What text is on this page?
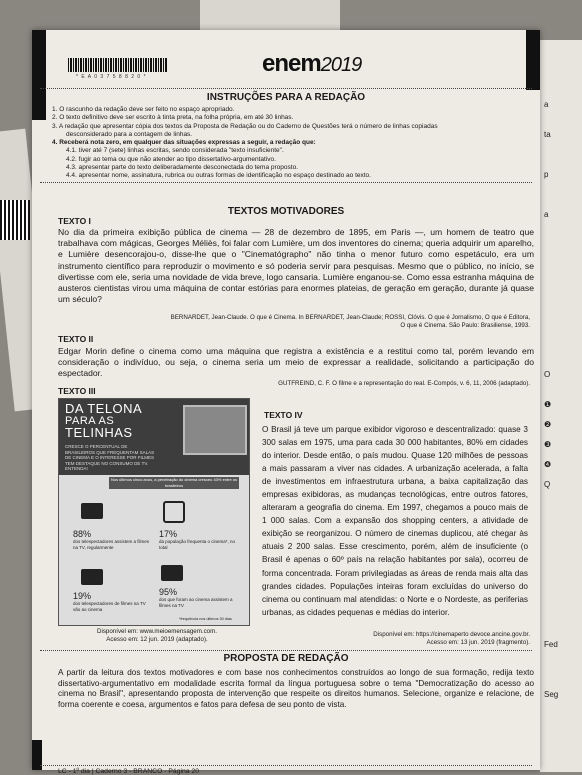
a
ta
p
a
O
❶
❷
❸
❹
Q
Fed
Seg
* E A 0 3 7 5 8 8 2 0 *	enem2019
INSTRUÇÕES PARA A REDAÇÃO
1. O rascunho da redação deve ser feito no espaço apropriado.
2. O texto definitivo deve ser escrito à tinta preta, na folha própria, em até 30 linhas.
3. A redação que apresentar cópia dos textos da Proposta de Redação ou do Caderno de Questões terá o número de linhas copiadas
desconsiderado para a contagem de linhas.
4. Receberá nota zero, em qualquer das situações expressas a seguir, a redação que:
4.1. tiver até 7 (sete) linhas escritas, sendo considerada "texto insuficiente".
4.2. fugir ao tema ou que não atender ao tipo dissertativo-argumentativo.
4.3. apresentar parte do texto deliberadamente desconectada do tema proposto.
4.4. apresentar nome, assinatura, rubrica ou outras formas de identificação no espaço destinado ao texto.
TEXTOS MOTIVADORES
TEXTO I

No dia da primeira exibição pública de cinema — 28 de dezembro de 1895, em Paris —, um homem de teatro que trabalhava com mágicas, Georges Méliès, foi falar com Lumière, um dos inventores do cinema; queria adquirir um aparelho, e Lumière desencorajou-o, disse-lhe que o "Cinematógrapho" não tinha o menor futuro como espetáculo, era um instrumento científico para reproduzir o movimento e só poderia servir para pesquisas. Mesmo que o público, no início, se divertisse com ele, seria uma novidade de vida breve, logo cansaria. Lumière enganou-se. Como essa estranha máquina de austeros cientistas virou uma máquina de contar estórias para enormes plateias, de geração em geração, durante já quase um século?

BERNARDET, Jean-Claude. O que é Cinema. In BERNARDET, Jean-Claude; ROSSI, Clóvis. O que é Jornalismo, O que é Editora,
O que é Cinema. São Paulo: Brasiliense, 1993.
TEXTO II

Edgar Morin define o cinema como uma máquina que registra a existência e a restitui como tal, porém levando em consideração o indivíduo, ou seja, o cinema seria um meio de expressar a realidade, solicitando a participação do espectador.

GUTFREIND, C. F. O filme e a representação do real. E-Compós, v. 6, 11, 2006 (adaptado).
TEXTO III
DA TELONA
PARA AS
TELINHAS
CRESCE O PERCENTUAL DE BRASILEIROS QUE FREQUENTAM SALAS DE CINEMA E O INTERESSE POR FILMES TEM DESTAQUE NO CONSUMO DE TV. ENTENDA!
Nos últimos cinco anos, a penetração do cinema cresceu 43% entre os brasileiros
88%
dos telespectadores assistem a filmes na TV, regularmente
17%
da população frequenta o cinema*, no total
19%
dos telespectadores de filmes na TV vão ao cinema
95%
dos que foram ao cinema assistem a filmes na TV
*frequência nos últimos 30 dias
Disponível em: www.meioemensagem.com.
Acesso em: 12 jun. 2019 (adaptado).
TEXTO IV

O Brasil já teve um parque exibidor vigoroso e descentralizado: quase 3 300 salas em 1975, uma para cada 30 000 habitantes, 80% em cidades do interior. Desde então, o país mudou. Quase 120 milhões de pessoas a mais passaram a viver nas cidades. A urbanização acelerada, a falta de investimentos em infraestrutura urbana, a baixa capitalização das empresas exibidoras, as mudanças tecnológicas, entre outros fatores, alteraram a geografia do cinema. Em 1997, chegamos a pouco mais de 1 000 salas. Com a expansão dos shopping centers, a atividade de exibição se reorganizou. O número de cinemas duplicou, até chegar às atuais 2 200 salas. Esse crescimento, porém, além de insuficiente (o Brasil é apenas o 60º país na relação habitantes por sala), ocorreu de forma concentrada. Foram privilegiadas as áreas de renda mais alta das grandes cidades. Populações inteiras foram excluídas do universo do cinema ou continuam mal atendidas: o Norte e o Nordeste, as periferias urbanas, as cidades pequenas e médias do interior.

Disponível em: https://cinemaperto devoce.ancine.gov.br.
Acesso em: 13 jun. 2019 (fragmento).
PROPOSTA DE REDAÇÃO

A partir da leitura dos textos motivadores e com base nos conhecimentos construídos ao longo de sua formação, redija texto dissertativo-argumentativo em modalidade escrita formal da língua portuguesa sobre o tema "Democratização do acesso ao cinema no Brasil", apresentando proposta de intervenção que respeite os direitos humanos. Selecione, organize e relacione, de forma coerente e coesa, argumentos e fatos para defesa de seu ponto de vista.

LC - 1º dia | Caderno 3 - BRANCO - Página 20
